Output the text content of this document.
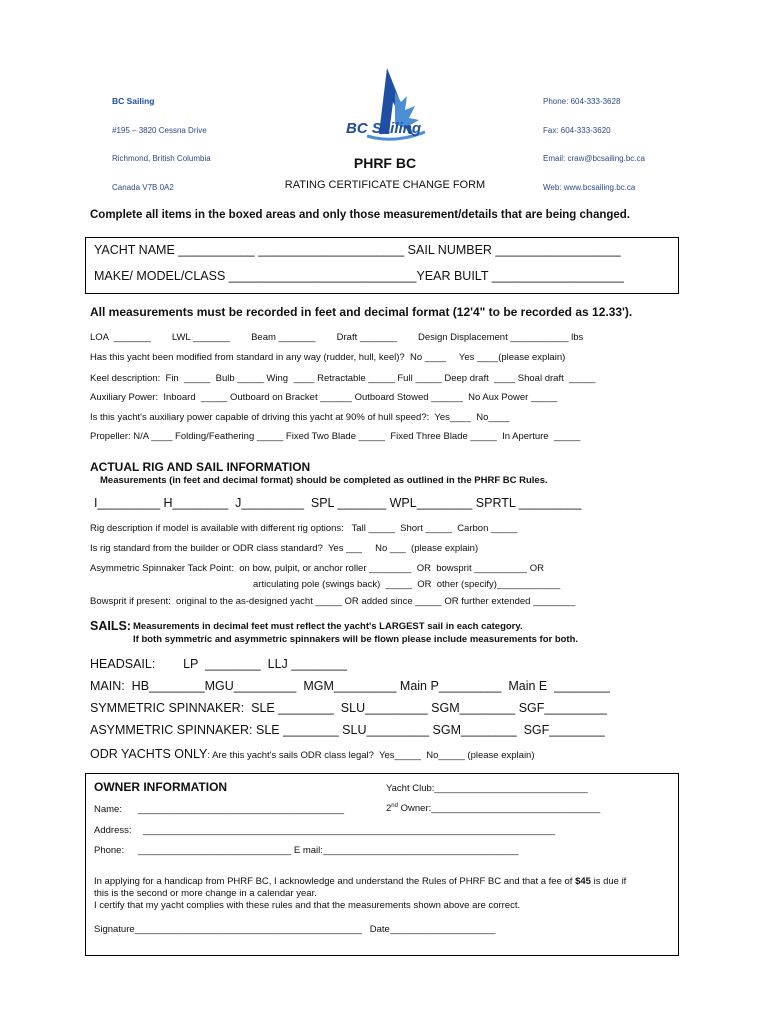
BC Sailing

#195 – 3820 Cessna Drive

Richmond, British Columbia

Canada V7B 0A2

BC Sailing

Phone: 604-333-3628

Fax: 604-333-3620

Email: craw@bcsailing.bc.ca

Web: www.bcsailing.bc.ca

PHRF BC
RATING CERTIFICATE CHANGE FORM
Complete all items in the boxed areas and only those measurement/details that are being changed.
YACHT NAME ___________ _____________________ SAIL NUMBER __________________
MAKE/ MODEL/CLASS ___________________________YEAR BUILT ___________________
All measurements must be recorded in feet and decimal format (12'4" to be recorded as 12.33').
LOA  _______        LWL _______        Beam _______        Draft _______        Design Displacement ___________ lbs
Has this yacht been modified from standard in any way (rudder, hull, keel)?  No ____     Yes ____(please explain)
Keel description:  Fin  _____  Bulb _____ Wing  ____ Retractable _____ Full _____ Deep draft  ____ Shoal draft  _____
Auxiliary Power:  Inboard  _____ Outboard on Bracket ______ Outboard Stowed ______  No Aux Power _____
Is this yacht's auxiliary power capable of driving this yacht at 90% of hull speed?:  Yes____  No____
Propeller: N/A ____ Folding/Feathering _____ Fixed Two Blade _____  Fixed Three Blade _____  In Aperture  _____
ACTUAL RIG AND SAIL INFORMATION
Measurements (in feet and decimal format) should be completed as outlined in the PHRF BC Rules.
I_________ H________  J_________  SPL _______ WPL________ SPRTL _________
Rig description if model is available with different rig options:   Tall _____  Short _____  Carbon _____
Is rig standard from the builder or ODR class standard?  Yes ___     No ___  (please explain)
Asymmetric Spinnaker Tack Point:  on bow, pulpit, or anchor roller ________  OR  bowsprit __________ OR
articulating pole (swings back)  _____  OR  other (specify)____________
Bowsprit if present:  original to the as-designed yacht _____ OR added since _____ OR further extended ________
SAILS: Measurements in decimal feet must reflect the yacht's LARGEST sail in each category.
If both symmetric and asymmetric spinnakers will be flown please include measurements for both.
HEADSAIL:        LP  ________  LLJ ________
MAIN:  HB________MGU_________  MGM_________ Main P_________  Main E  ________
SYMMETRIC SPINNAKER:  SLE ________  SLU_________ SGM________ SGF_________
ASYMMETRIC SPINNAKER: SLE ________ SLU_________ SGM________  SGF________
ODR YACHTS ONLY: Are this yacht's sails ODR class legal?  Yes_____  No_____ (please explain)
OWNER INFORMATION	Yacht Club:_____________________________
Name: _______________________________________	2nd Owner:________________________________
Address: ______________________________________________________________________________
Phone: _____________________________ E mail:_____________________________________
In applying for a handicap from PHRF BC, I acknowledge and understand the Rules of PHRF BC and that a fee of $45 is due if
this is the second or more change in a calendar year.
I certify that my yacht complies with these rules and that the measurements shown above are correct.
Signature___________________________________________   Date____________________
